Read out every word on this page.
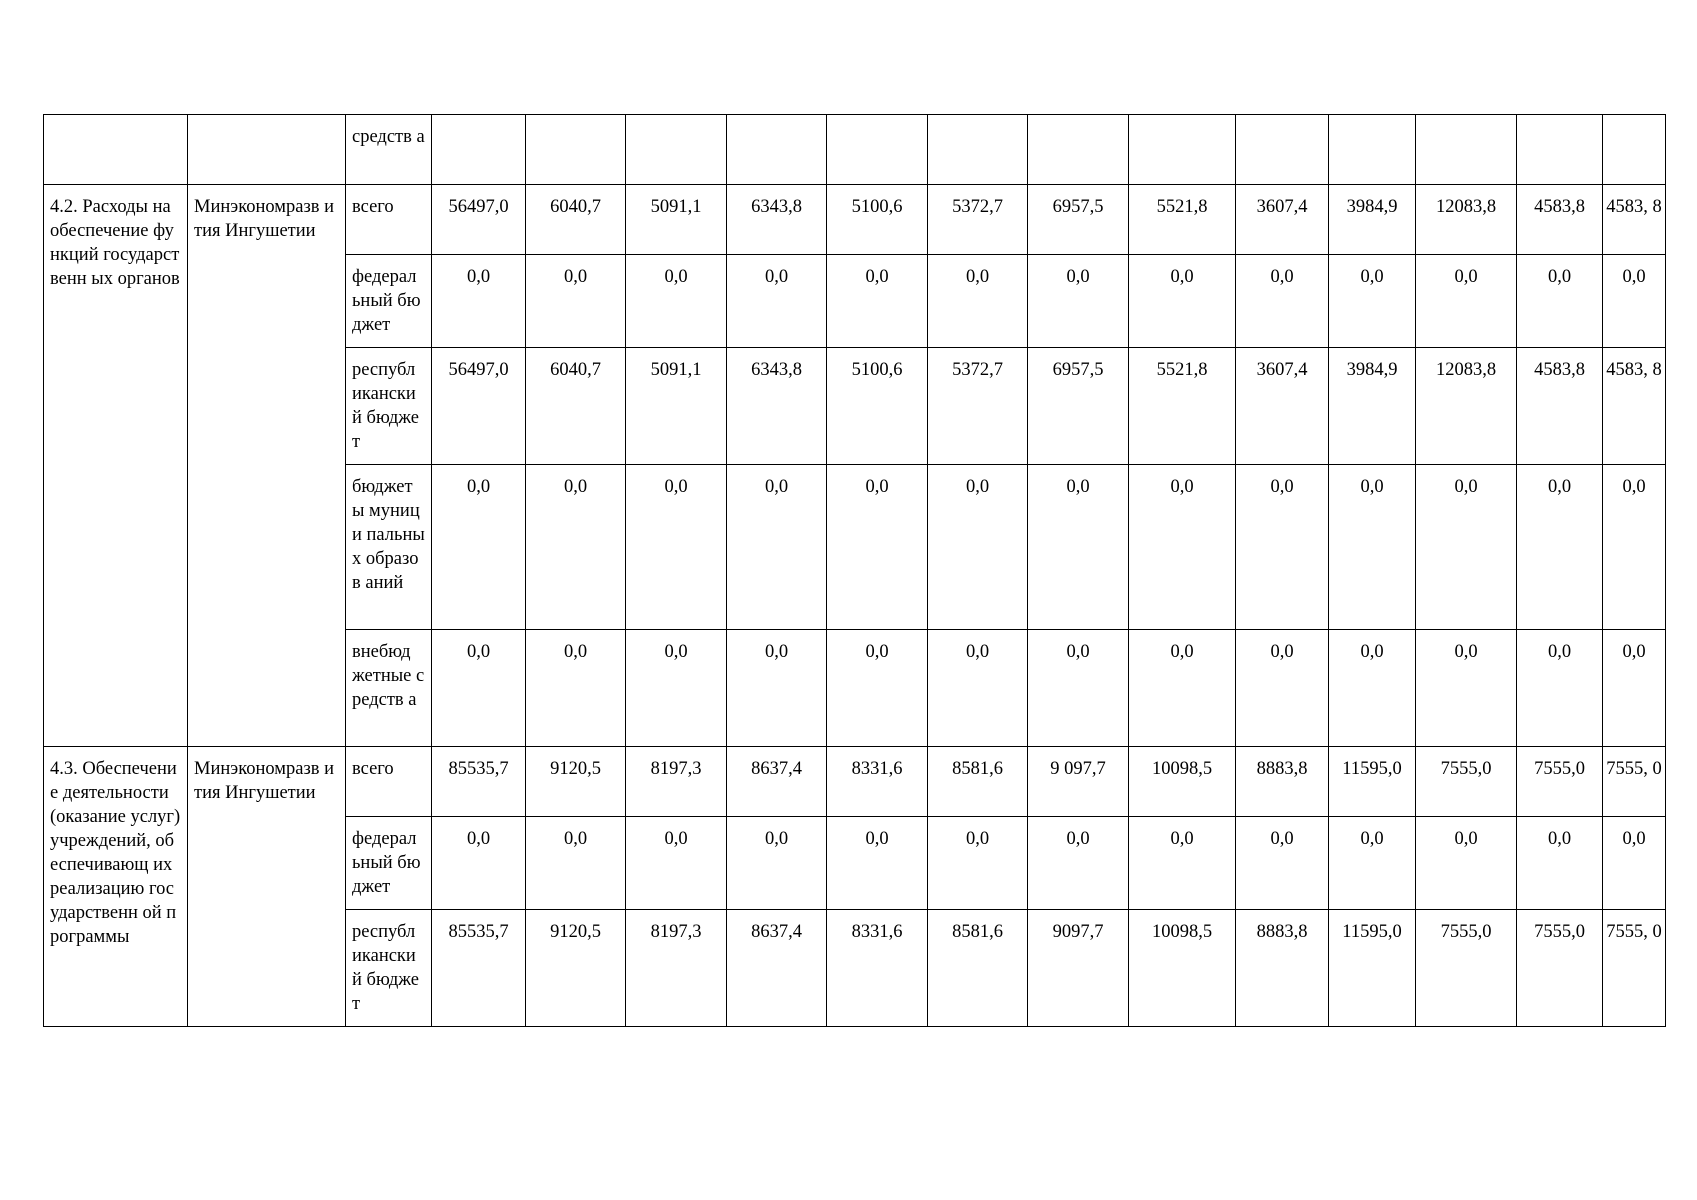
		средств а													
4.2. Расходы на обеспечение функций государственн ых органов	Минэкономразв ития Ингушетии	всего	56497,0	6040,7	5091,1	6343,8	5100,6	5372,7	6957,5	5521,8	3607,4	3984,9	12083,8	4583,8	4583, 8
		федерал ьный бюджет	0,0	0,0	0,0	0,0	0,0	0,0	0,0	0,0	0,0	0,0	0,0	0,0	0,0
		республ икански й бюджет	56497,0	6040,7	5091,1	6343,8	5100,6	5372,7	6957,5	5521,8	3607,4	3984,9	12083,8	4583,8	4583, 8
		бюджет ы муници пальных образов аний	0,0	0,0	0,0	0,0	0,0	0,0	0,0	0,0	0,0	0,0	0,0	0,0	0,0
		внебюд жетные средств а	0,0	0,0	0,0	0,0	0,0	0,0	0,0	0,0	0,0	0,0	0,0	0,0	0,0
4.3. Обеспечение деятельности (оказание услуг) учреждений, обеспечивающ их реализацию государственн ой программы	Минэкономразв ития Ингушетии	всего	85535,7	9120,5	8197,3	8637,4	8331,6	8581,6	9 097,7	10098,5	8883,8	11595,0	7555,0	7555,0	7555, 0
		федерал ьный бюджет	0,0	0,0	0,0	0,0	0,0	0,0	0,0	0,0	0,0	0,0	0,0	0,0	0,0
		республ икански й бюджет	85535,7	9120,5	8197,3	8637,4	8331,6	8581,6	9097,7	10098,5	8883,8	11595,0	7555,0	7555,0	7555, 0
